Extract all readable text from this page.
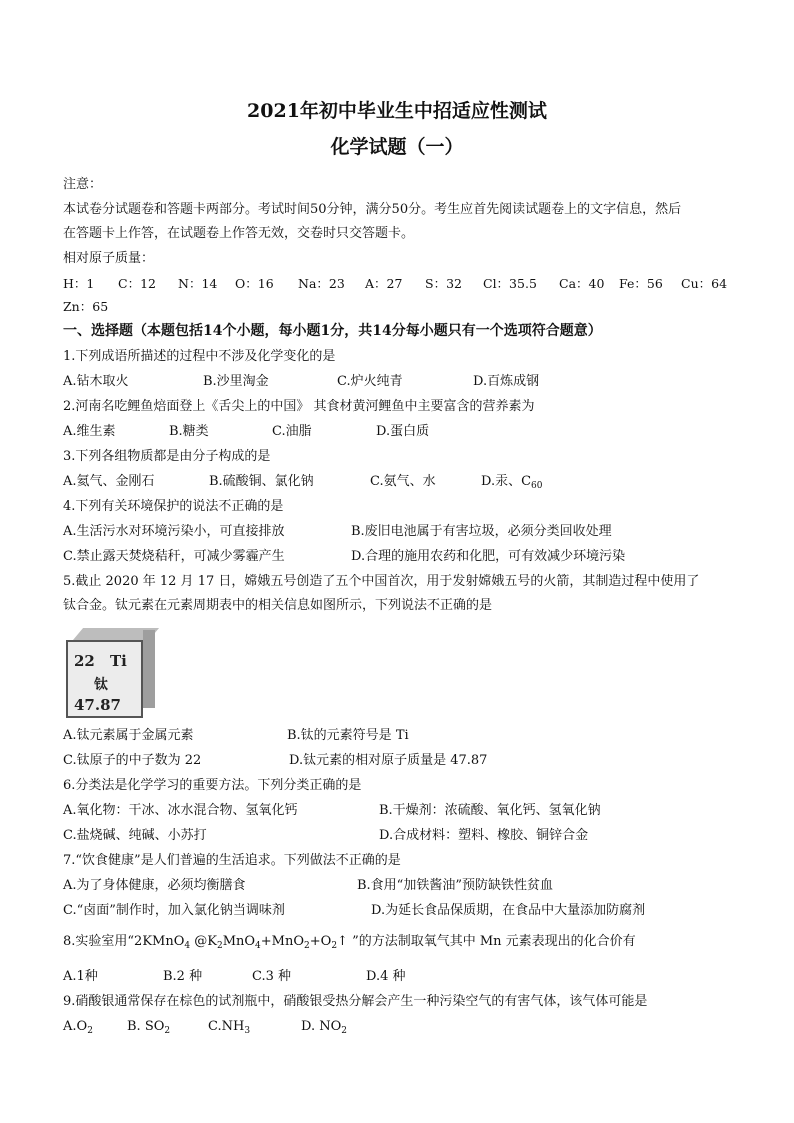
2021年初中毕业生中招适应性测试
化学试题（一）
注意：
本试卷分试题卷和答题卡两部分。考试时间50分钟，满分50分。考生应首先阅读试题卷上的文字信息，然后
在答题卡上作答，在试题卷上作答无效，交卷时只交答题卡。
相对原子质量：
H：1 C：12 N：14 O：16 Na：23 A：27 S：32 Cl：35.5 Ca：40 Fe：56 Cu：64
Zn：65
一、选择题（本题包括14个小题，每小题1分，共14分每小题只有一个选项符合题意）
1.下列成语所描述的过程中不涉及化学变化的是
A.钻木取火	B.沙里淘金	C.炉火纯青	D.百炼成钢
2.河南名吃鲤鱼焙面登上《舌尖上的中国》 其食材黄河鲤鱼中主要富含的营养素为
A.维生素	B.糖类	C.油脂	D.蛋白质
3.下列各组物质都是由分子构成的是
A.氦气、金刚石	B.硫酸铜、氯化钠	C.氨气、水	D.汞、$C_{60}$
4.下列有关环境保护的说法不正确的是
A.生活污水对环境污染小，可直接排放	B.废旧电池属于有害垃圾，必须分类回收处理
C.禁止露天焚烧秸秆，可减少雾霾产生	D.合理的施用农药和化肥，可有效减少环境污染
5.截止 2020 年 12 月 17 日，嫦娥五号创造了五个中国首次，用于发射嫦娥五号的火箭，其制造过程中使用了
钛合金。钛元素在元素周期表中的相关信息如图所示，下列说法不正确的是
22 Ti
钛
47.87
A.钛元素属于金属元素	B.钛的元素符号是 Ti
C.钛原子的中子数为 22	D.钛元素的相对原子质量是 47.87
6.分类法是化学学习的重要方法。下列分类正确的是
A.氧化物：干冰、冰水混合物、氢氧化钙	B.干燥剂：浓硫酸、氧化钙、氢氧化钠
C.盐烧碱、纯碱、小苏打	D.合成材料：塑料、橡胶、铜锌合金
7.“饮食健康”是人们普遍的生活追求。下列做法不正确的是
A.为了身体健康，必须均衡膳食	B.食用“加铁酱油”预防缺铁性贫血
C.“卤面”制作时，加入氯化钠当调味剂	D.为延长食品保质期，在食品中大量添加防腐剂
8.实验室用“2KMnO$_4$ $@K_2MnO_4+MnO_2+O_2↑$ ”的方法制取氧气其中 Mn 元素表现出的化合价有
A.1种	B.2 种	C.3 种	D.4 种
9.硝酸银通常保存在棕色的试剂瓶中，硝酸银受热分解会产生一种污染空气的有害气体，该气体可能是
$A.O_2$	B. $SO_2$	$C.NH_3$	D. $NO_2$
